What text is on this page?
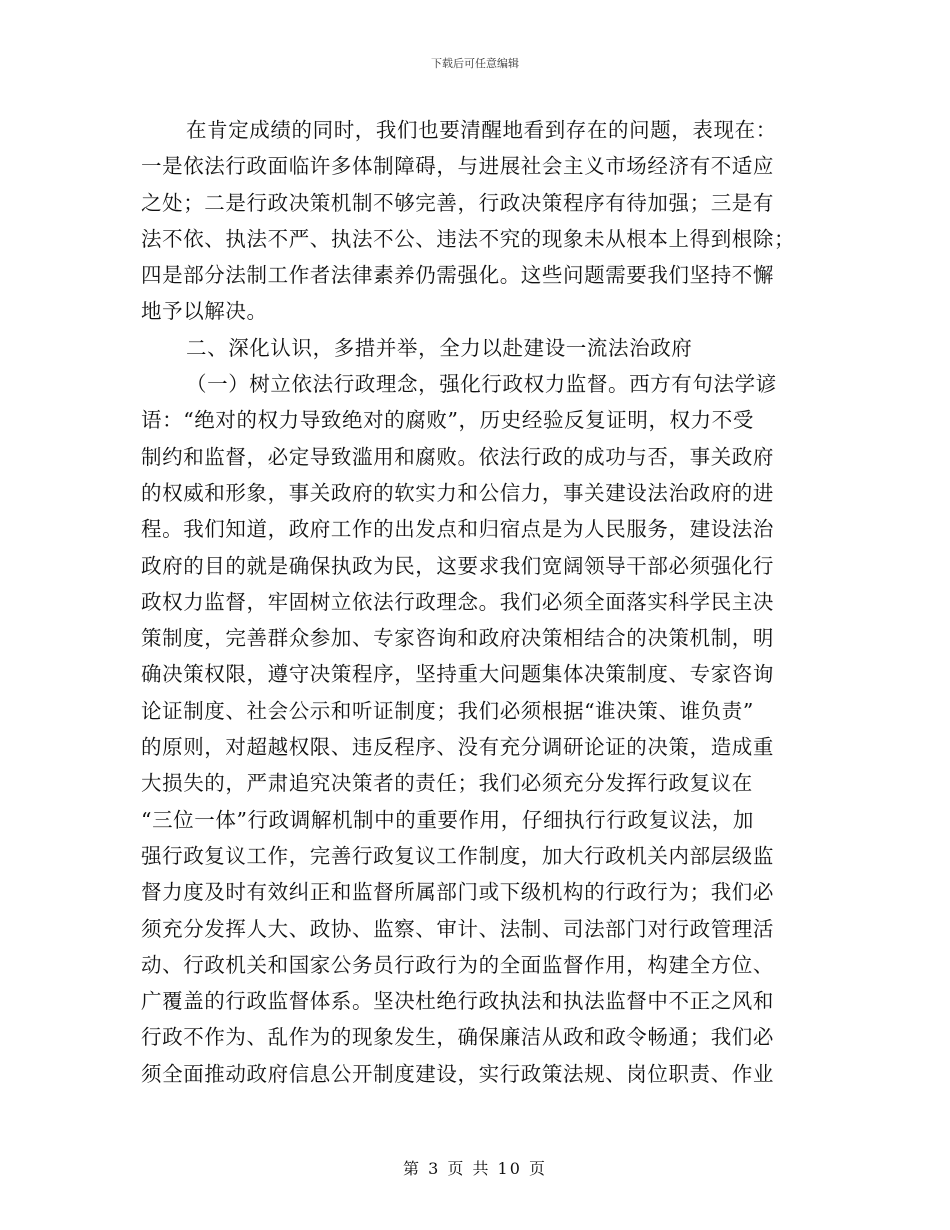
下载后可任意编辑
在肯定成绩的同时，我们也要清醒地看到存在的问题，表现在：
一是依法行政面临许多体制障碍，与进展社会主义市场经济有不适应
之处；二是行政决策机制不够完善，行政决策程序有待加强；三是有
法不依、执法不严、执法不公、违法不究的现象未从根本上得到根除；
四是部分法制工作者法律素养仍需强化。这些问题需要我们坚持不懈
地予以解决。
二、深化认识，多措并举，全力以赴建设一流法治政府
（一）树立依法行政理念，强化行政权力监督。西方有句法学谚
语：“绝对的权力导致绝对的腐败”，历史经验反复证明，权力不受
制约和监督，必定导致滥用和腐败。依法行政的成功与否，事关政府
的权威和形象，事关政府的软实力和公信力，事关建设法治政府的进
程。我们知道，政府工作的出发点和归宿点是为人民服务，建设法治
政府的目的就是确保执政为民，这要求我们宽阔领导干部必须强化行
政权力监督，牢固树立依法行政理念。我们必须全面落实科学民主决
策制度，完善群众参加、专家咨询和政府决策相结合的决策机制，明
确决策权限，遵守决策程序，坚持重大问题集体决策制度、专家咨询
论证制度、社会公示和听证制度；我们必须根据“谁决策、谁负责”
的原则，对超越权限、违反程序、没有充分调研论证的决策，造成重
大损失的，严肃追究决策者的责任；我们必须充分发挥行政复议在
“三位一体”行政调解机制中的重要作用，仔细执行行政复议法，加
强行政复议工作，完善行政复议工作制度，加大行政机关内部层级监
督力度及时有效纠正和监督所属部门或下级机构的行政行为；我们必
须充分发挥人大、政协、监察、审计、法制、司法部门对行政管理活
动、行政机关和国家公务员行政行为的全面监督作用，构建全方位、
广覆盖的行政监督体系。坚决杜绝行政执法和执法监督中不正之风和
行政不作为、乱作为的现象发生，确保廉洁从政和政令畅通；我们必
须全面推动政府信息公开制度建设，实行政策法规、岗位职责、作业
第 3 页 共 10 页
